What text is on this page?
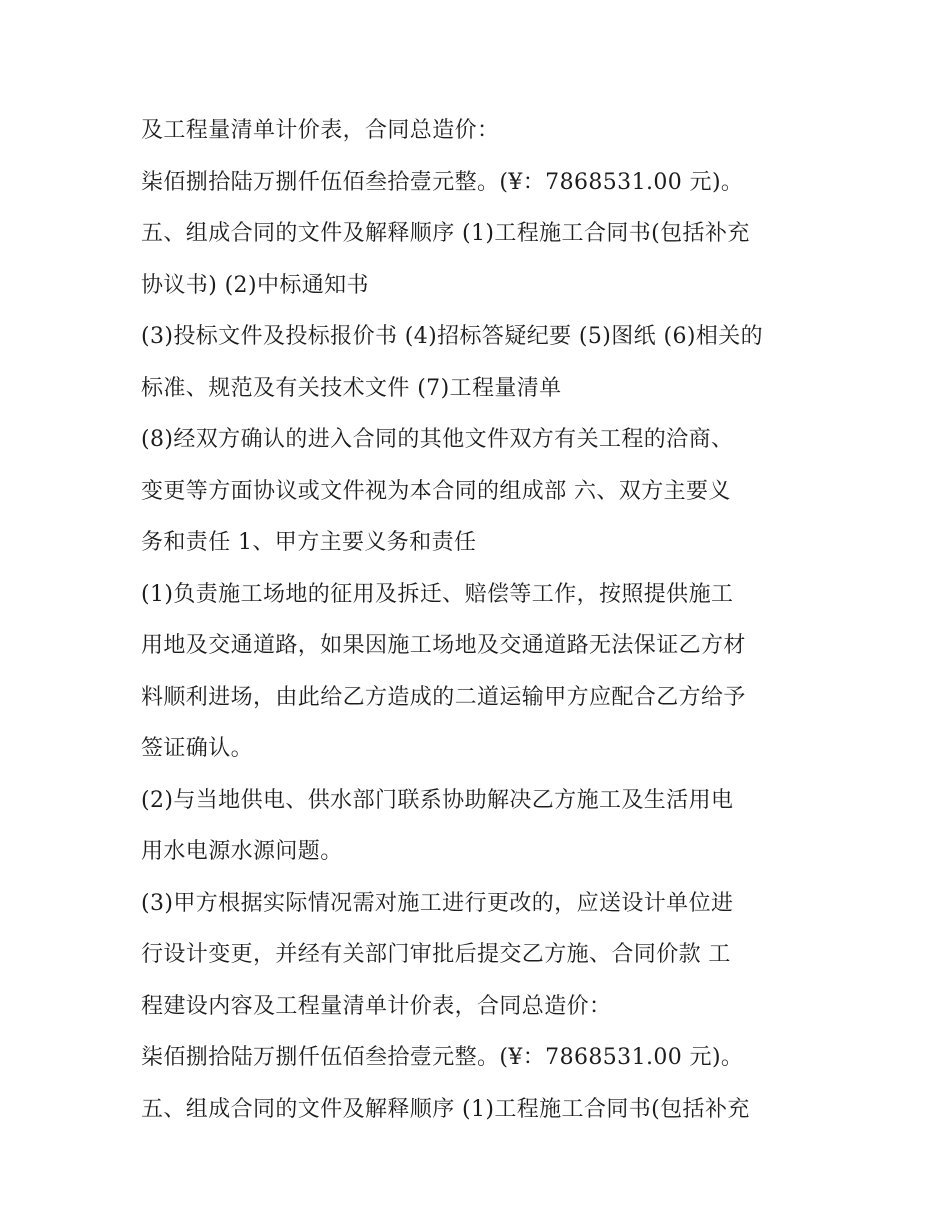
及工程量清单计价表，合同总造价：
柒佰捌拾陆万捌仟伍佰叁拾壹元整。(¥：7868531.00 元)。
五、组成合同的文件及解释顺序 (1)工程施工合同书(包括补充
协议书) (2)中标通知书
(3)投标文件及投标报价书 (4)招标答疑纪要 (5)图纸 (6)相关的
标准、规范及有关技术文件 (7)工程量清单
(8)经双方确认的进入合同的其他文件双方有关工程的洽商、
变更等方面协议或文件视为本合同的组成部 六、双方主要义
务和责任 1、甲方主要义务和责任
(1)负责施工场地的征用及拆迁、赔偿等工作，按照提供施工
用地及交通道路，如果因施工场地及交通道路无法保证乙方材
料顺利进场，由此给乙方造成的二道运输甲方应配合乙方给予
签证确认。
(2)与当地供电、供水部门联系协助解决乙方施工及生活用电
用水电源水源问题。
(3)甲方根据实际情况需对施工进行更改的，应送设计单位进
行设计变更，并经有关部门审批后提交乙方施、合同价款 工
程建设内容及工程量清单计价表，合同总造价：
柒佰捌拾陆万捌仟伍佰叁拾壹元整。(¥：7868531.00 元)。
五、组成合同的文件及解释顺序 (1)工程施工合同书(包括补充
